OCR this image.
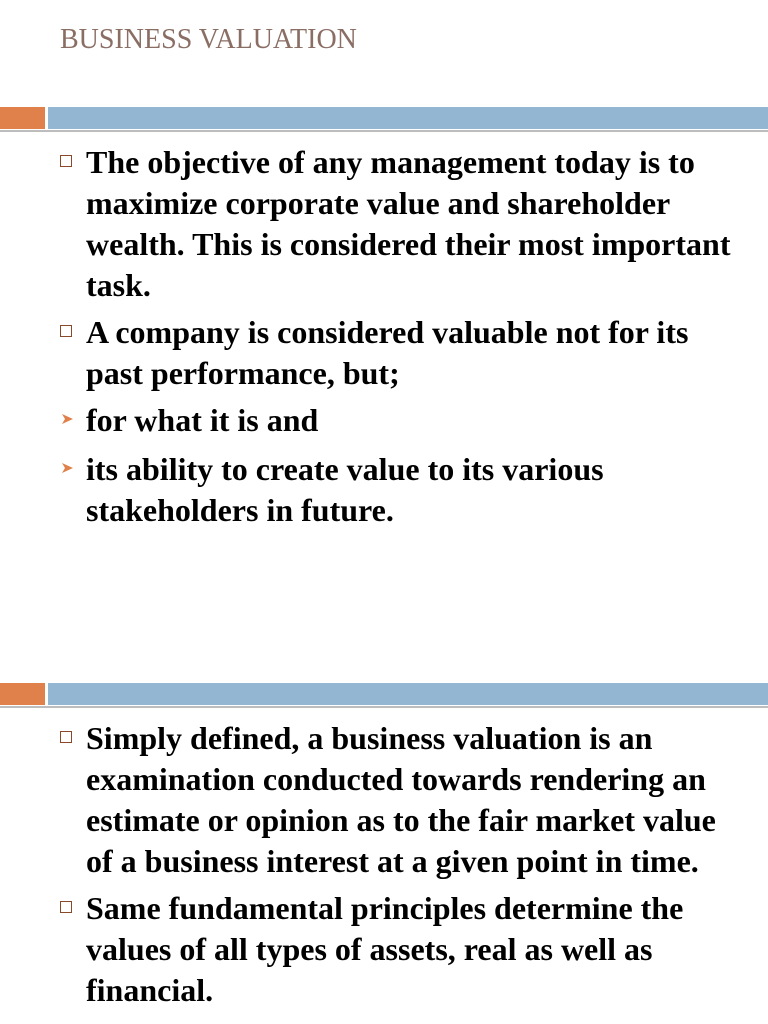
BUSINESS VALUATION
The objective of any management today is to maximize corporate value and shareholder wealth. This is considered their most important task.
A company is considered valuable not for its past performance, but;
for what it is and
its ability to create value to its various stakeholders in future.
Simply defined, a business valuation is an examination conducted towards rendering an estimate or opinion as to the fair market value of a business interest at a given point in time.
Same fundamental principles determine the values of all types of assets, real as well as financial.
